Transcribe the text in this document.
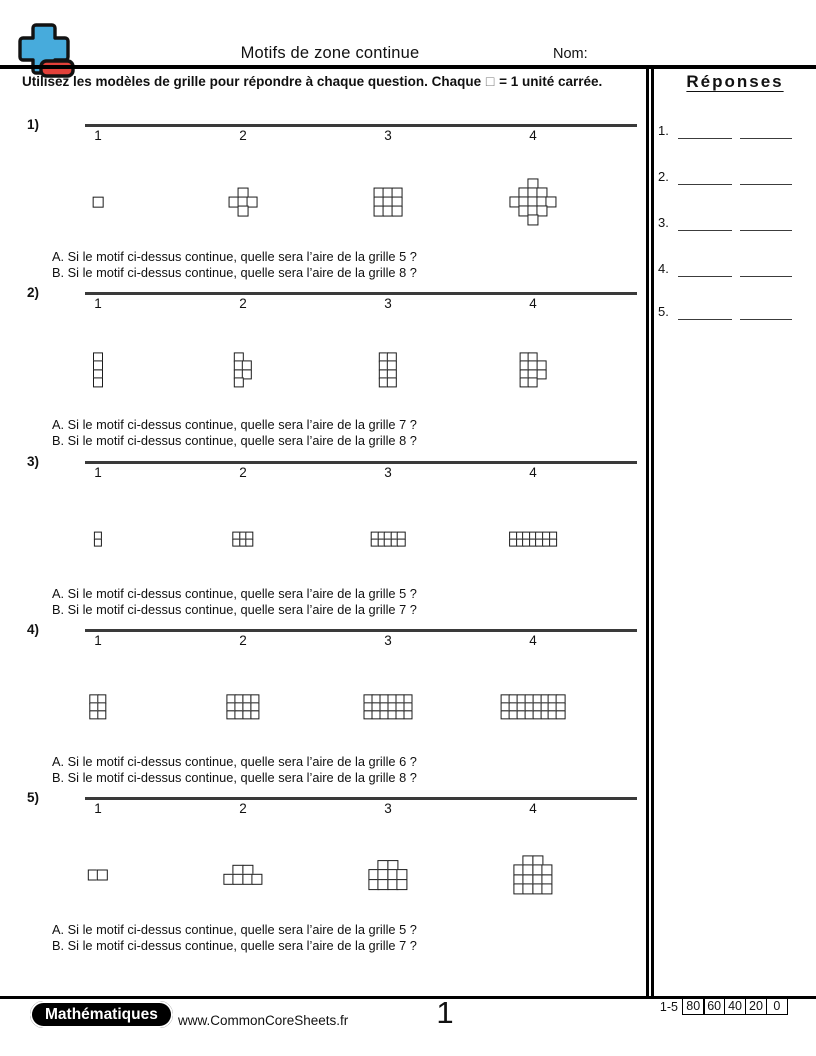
Motifs de zone continue	Nom:
Utilisez les modèles de grille pour répondre à chaque question. Chaque □ = 1 unité carrée.	Réponses
1.
2.
3.
4.
5.
1)
1	2	3	4
A. Si le motif ci-dessus continue, quelle sera l’aire de la grille 5 ?
B. Si le motif ci-dessus continue, quelle sera l’aire de la grille 8 ?
2)
1	2	3	4
A. Si le motif ci-dessus continue, quelle sera l’aire de la grille 7 ?
B. Si le motif ci-dessus continue, quelle sera l’aire de la grille 8 ?
3)
1	2	3	4
A. Si le motif ci-dessus continue, quelle sera l’aire de la grille 5 ?
B. Si le motif ci-dessus continue, quelle sera l’aire de la grille 7 ?
4)
1	2	3	4
A. Si le motif ci-dessus continue, quelle sera l’aire de la grille 6 ?
B. Si le motif ci-dessus continue, quelle sera l’aire de la grille 8 ?
5)
1	2	3	4
A. Si le motif ci-dessus continue, quelle sera l’aire de la grille 5 ?
B. Si le motif ci-dessus continue, quelle sera l’aire de la grille 7 ?
Mathématiques	www.CommonCoreSheets.fr	1	1-5 80 60 40 20 0
